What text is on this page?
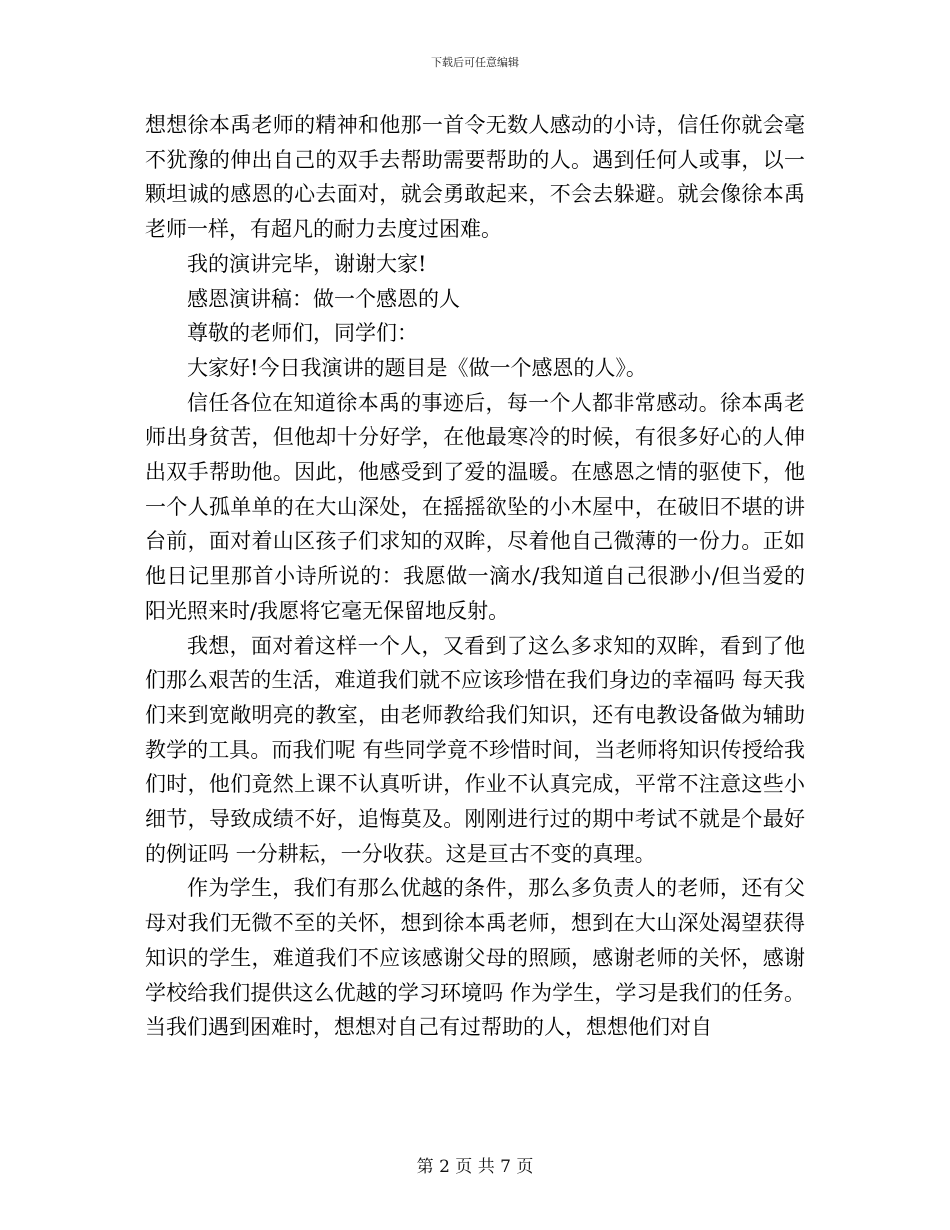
下载后可任意编辑

想想徐本禹老师的精神和他那一首令无数人感动的小诗，信任你就会毫不犹豫的伸出自己的双手去帮助需要帮助的人。遇到任何人或事，以一颗坦诚的感恩的心去面对，就会勇敢起来，不会去躲避。就会像徐本禹老师一样，有超凡的耐力去度过困难。

我的演讲完毕，谢谢大家!

感恩演讲稿：做一个感恩的人

尊敬的老师们，同学们：

大家好!今日我演讲的题目是《做一个感恩的人》。

信任各位在知道徐本禹的事迹后，每一个人都非常感动。徐本禹老师出身贫苦，但他却十分好学，在他最寒冷的时候，有很多好心的人伸出双手帮助他。因此，他感受到了爱的温暖。在感恩之情的驱使下，他一个人孤单单的在大山深处，在摇摇欲坠的小木屋中，在破旧不堪的讲台前，面对着山区孩子们求知的双眸，尽着他自己微薄的一份力。正如他日记里那首小诗所说的：我愿做一滴水/我知道自己很渺小/但当爱的阳光照来时/我愿将它毫无保留地反射。

我想，面对着这样一个人，又看到了这么多求知的双眸，看到了他们那么艰苦的生活，难道我们就不应该珍惜在我们身边的幸福吗 每天我们来到宽敞明亮的教室，由老师教给我们知识，还有电教设备做为辅助教学的工具。而我们呢 有些同学竟不珍惜时间，当老师将知识传授给我们时，他们竟然上课不认真听讲，作业不认真完成，平常不注意这些小细节，导致成绩不好，追悔莫及。刚刚进行过的期中考试不就是个最好的例证吗 一分耕耘，一分收获。这是亘古不变的真理。

作为学生，我们有那么优越的条件，那么多负责人的老师，还有父母对我们无微不至的关怀，想到徐本禹老师，想到在大山深处渴望获得知识的学生，难道我们不应该感谢父母的照顾，感谢老师的关怀，感谢学校给我们提供这么优越的学习环境吗 作为学生，学习是我们的任务。当我们遇到困难时，想想对自己有过帮助的人，想想他们对自

第 2 页 共 7 页
